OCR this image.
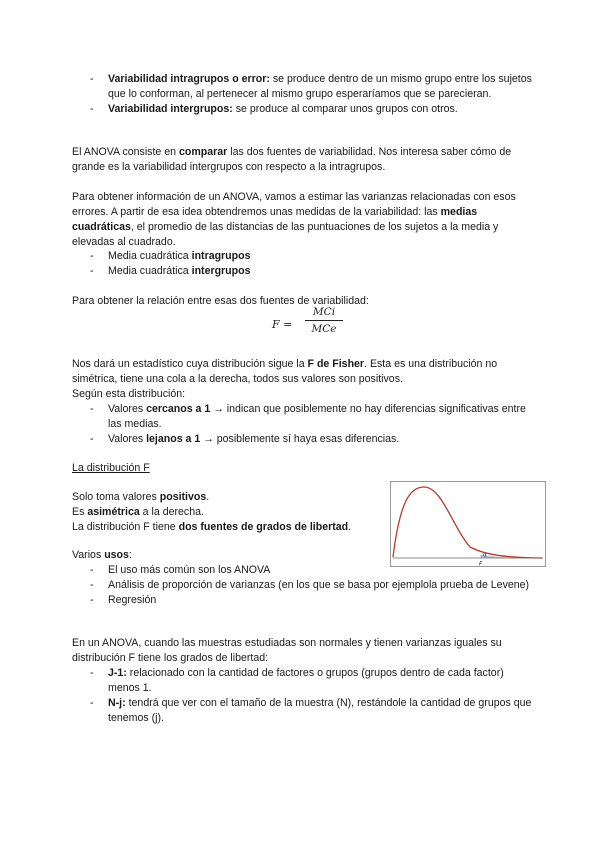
- Variabilidad intragrupos o error: se produce dentro de un mismo grupo entre los sujetos que lo conforman, al pertenecer al mismo grupo esperaríamos que se parecieran.
- Variabilidad intergrupos: se produce al comparar unos grupos con otros.

El ANOVA consiste en comparar las dos fuentes de variabilidad. Nos interesa saber cómo de grande es la variabilidad intergrupos con respecto a la intragrupos.

Para obtener información de un ANOVA, vamos a estimar las varianzas relacionadas con esos errores. A partir de esa idea obtendremos unas medidas de la variabilidad: las medias cuadráticas, el promedio de las distancias de las puntuaciones de los sujetos a la media y elevadas al cuadrado.

- Media cuadrática intragrupos
- Media cuadrática intergrupos

Para obtener la relación entre esas dos fuentes de variabilidad:

F =
MCi
MCe

Nos dará un estadístico cuya distribución sigue la F de Fisher. Esta es una distribución no simétrica, tiene una cola a la derecha, todos sus valores son positivos.

Según esta distribución:

- Valores cercanos a 1 → indican que posiblemente no hay diferencias significativas entre las medias.
- Valores lejanos a 1 → posiblemente sí haya esas diferencias.

La distribución F

Solo toma valores positivos.

Es asimétrica a la derecha.

La distribución F tiene dos fuentes de grados de libertad.

Varios usos:

- El uso más común son los ANOVA
- Análisis de proporción de varianzas (en los que se basa por ejemplola prueba de Levene)
- Regresión

En un ANOVA, cuando las muestras estudiadas son normales y tienen varianzas iguales su distribución F tiene los grados de libertad:

- J-1: relacionado con la cantidad de factores o grupos (grupos dentro de cada factor) menos 1.
- N-j: tendrá que ver con el tamaño de la muestra (N), restándole la cantidad de grupos que tenemos (j).
α
F
